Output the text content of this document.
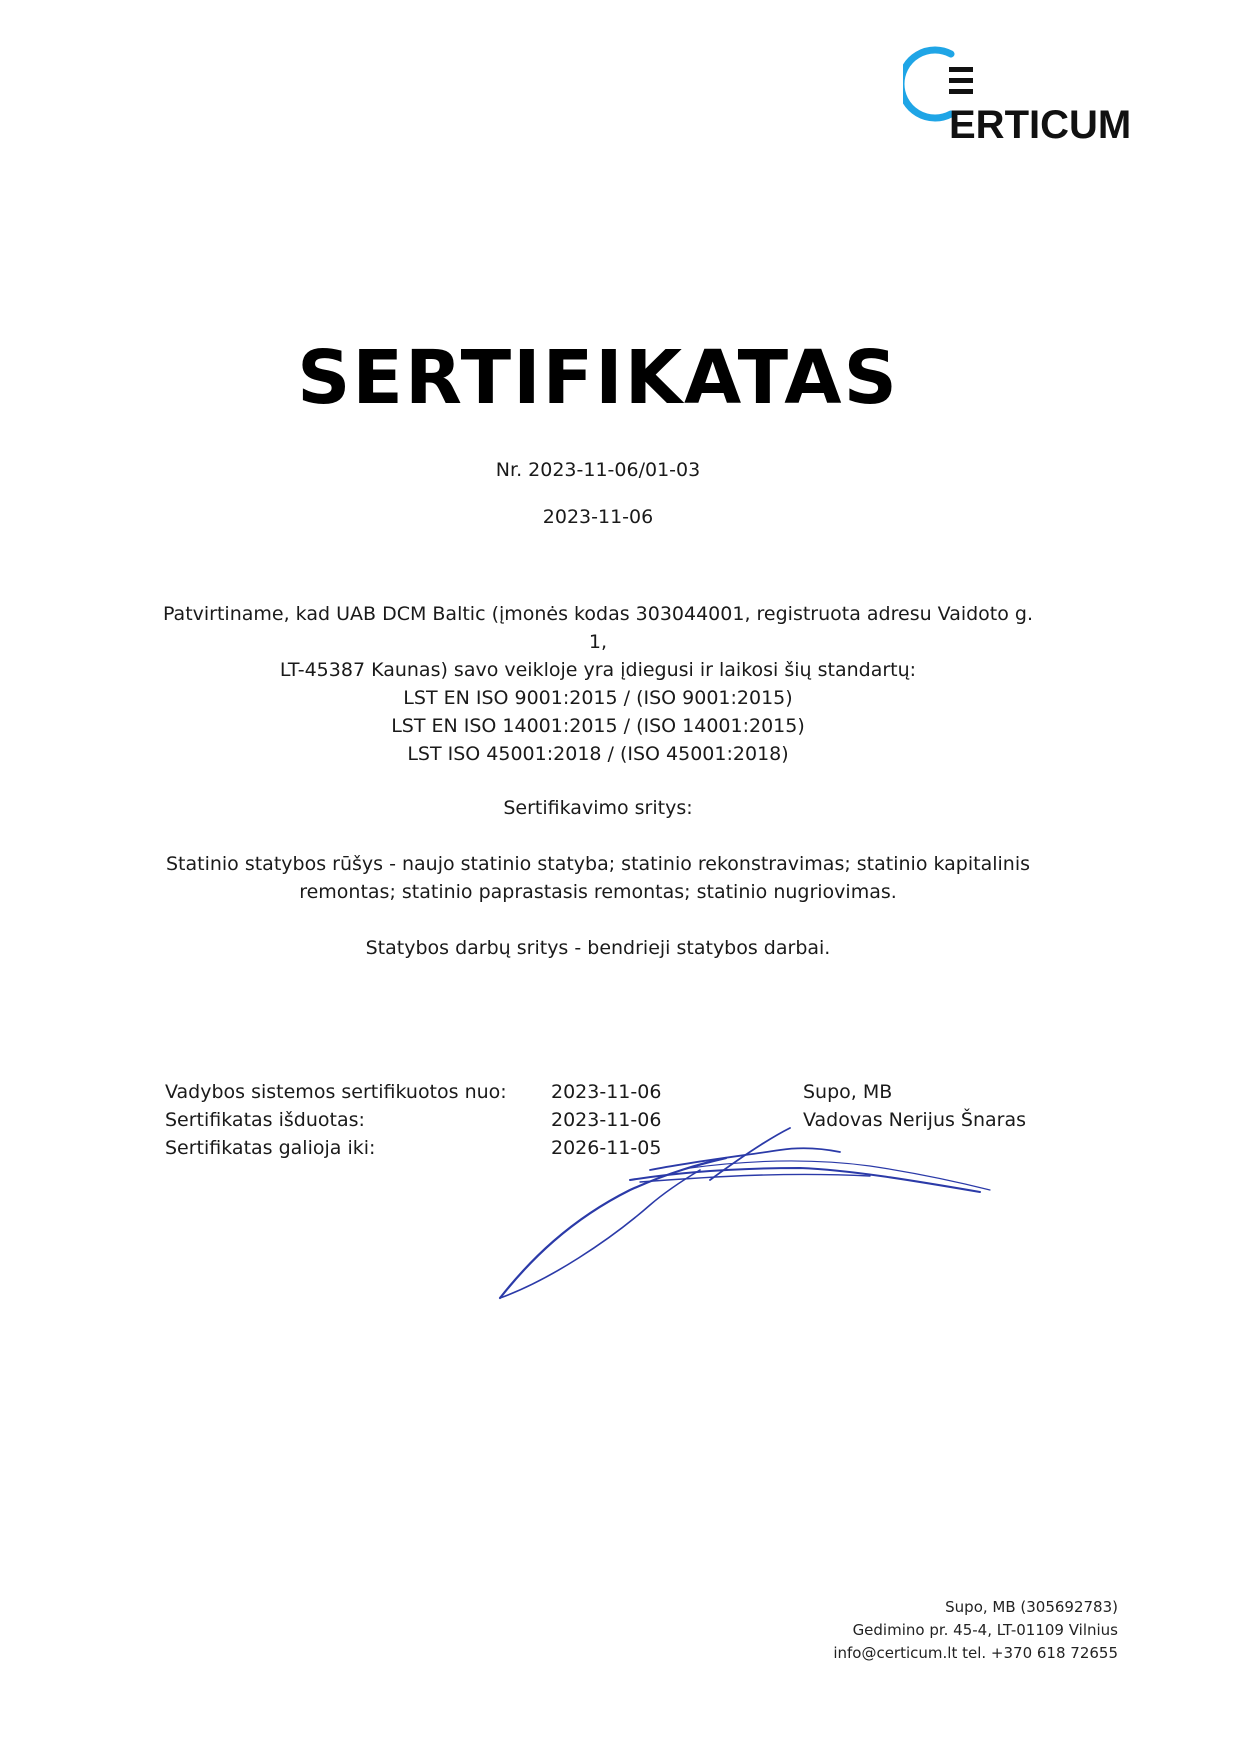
ERTICUM
SERTIFIKATAS
Nr. 2023-11-06/01-03
2023-11-06
Patvirtiname, kad UAB DCM Baltic (įmonės kodas 303044001, registruota adresu Vaidoto g. 1,
LT-45387 Kaunas) savo veikloje yra įdiegusi ir laikosi šių standartų:
LST EN ISO 9001:2015 / (ISO 9001:2015)
LST EN ISO 14001:2015 / (ISO 14001:2015)
LST ISO 45001:2018 / (ISO 45001:2018)
Sertifikavimo sritys:
Statinio statybos rūšys - naujo statinio statyba; statinio rekonstravimas; statinio kapitalinis
remontas; statinio paprastasis remontas; statinio nugriovimas.
Statybos darbų sritys - bendrieji statybos darbai.
Vadybos sistemos sertifikuotos nuo: 2023-11-06
Sertifikatas išduotas:	2023-11-06
Sertifikatas galioja iki:	2026-11-05
Supo, MB
Vadovas Nerijus Šnaras
Supo, MB (305692783)
Gedimino pr. 45-4, LT-01109 Vilnius
info@certicum.lt tel. +370 618 72655
